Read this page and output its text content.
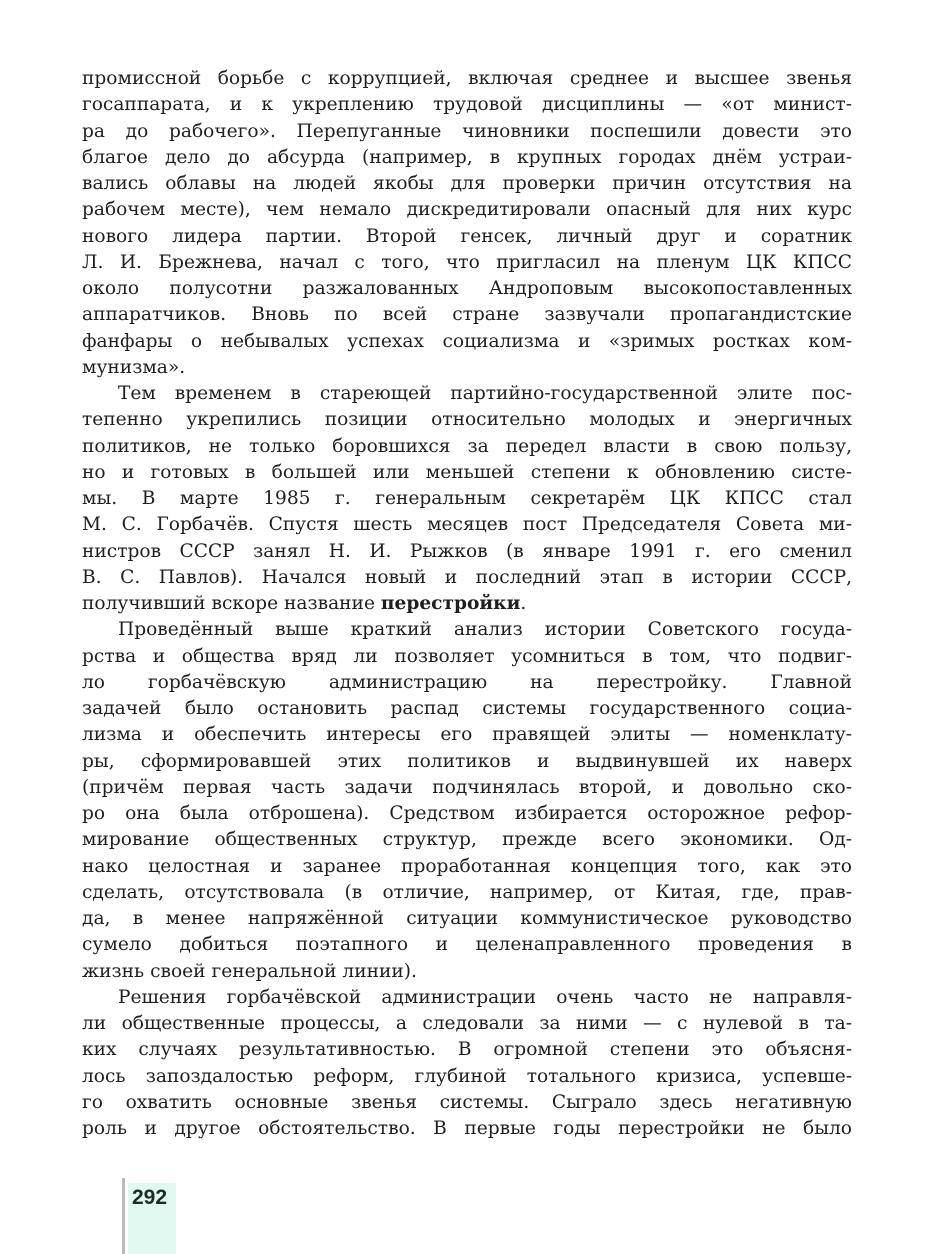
промиссной борьбе с коррупцией, включая среднее и высшее звенья
госаппарата, и к укреплению трудовой дисциплины — «от минист-
ра до рабочего». Перепуганные чиновники поспешили довести это
благое дело до абсурда (например, в крупных городах днём устраи-
вались облавы на людей якобы для проверки причин отсутствия на
рабочем месте), чем немало дискредитировали опасный для них курс
нового лидера партии. Второй генсек, личный друг и соратник
Л. И. Брежнева, начал с того, что пригласил на пленум ЦК КПСС
около полусотни разжалованных Андроповым высокопоставленных
аппаратчиков. Вновь по всей стране зазвучали пропагандистские
фанфары о небывалых успехах социализма и «зримых ростках ком-
мунизма».
Тем временем в стареющей партийно-государственной элите пос-
тепенно укрепились позиции относительно молодых и энергичных
политиков, не только боровшихся за передел власти в свою пользу,
но и готовых в большей или меньшей степени к обновлению систе-
мы. В марте 1985 г. генеральным секретарём ЦК КПСС стал
М. С. Горбачёв. Спустя шесть месяцев пост Председателя Совета ми-
нистров СССР занял Н. И. Рыжков (в январе 1991 г. его сменил
В. С. Павлов). Начался новый и последний этап в истории СССР,
получивший вскоре название перестройки.
Проведённый выше краткий анализ истории Советского госуда-
рства и общества вряд ли позволяет усомниться в том, что подвиг-
ло горбачёвскую администрацию на перестройку. Главной
задачей было остановить распад системы государственного социа-
лизма и обеспечить интересы его правящей элиты — номенклату-
ры, сформировавшей этих политиков и выдвинувшей их наверх
(причём первая часть задачи подчинялась второй, и довольно ско-
ро она была отброшена). Средством избирается осторожное рефор-
мирование общественных структур, прежде всего экономики. Од-
нако целостная и заранее проработанная концепция того, как это
сделать, отсутствовала (в отличие, например, от Китая, где, прав-
да, в менее напряжённой ситуации коммунистическое руководство
сумело добиться поэтапного и целенаправленного проведения в
жизнь своей генеральной линии).
Решения горбачёвской администрации очень часто не направля-
ли общественные процессы, а следовали за ними — с нулевой в та-
ких случаях результативностью. В огромной степени это объясня-
лось запоздалостью реформ, глубиной тотального кризиса, успевше-
го охватить основные звенья системы. Сыграло здесь негативную
роль и другое обстоятельство. В первые годы перестройки не было
292
